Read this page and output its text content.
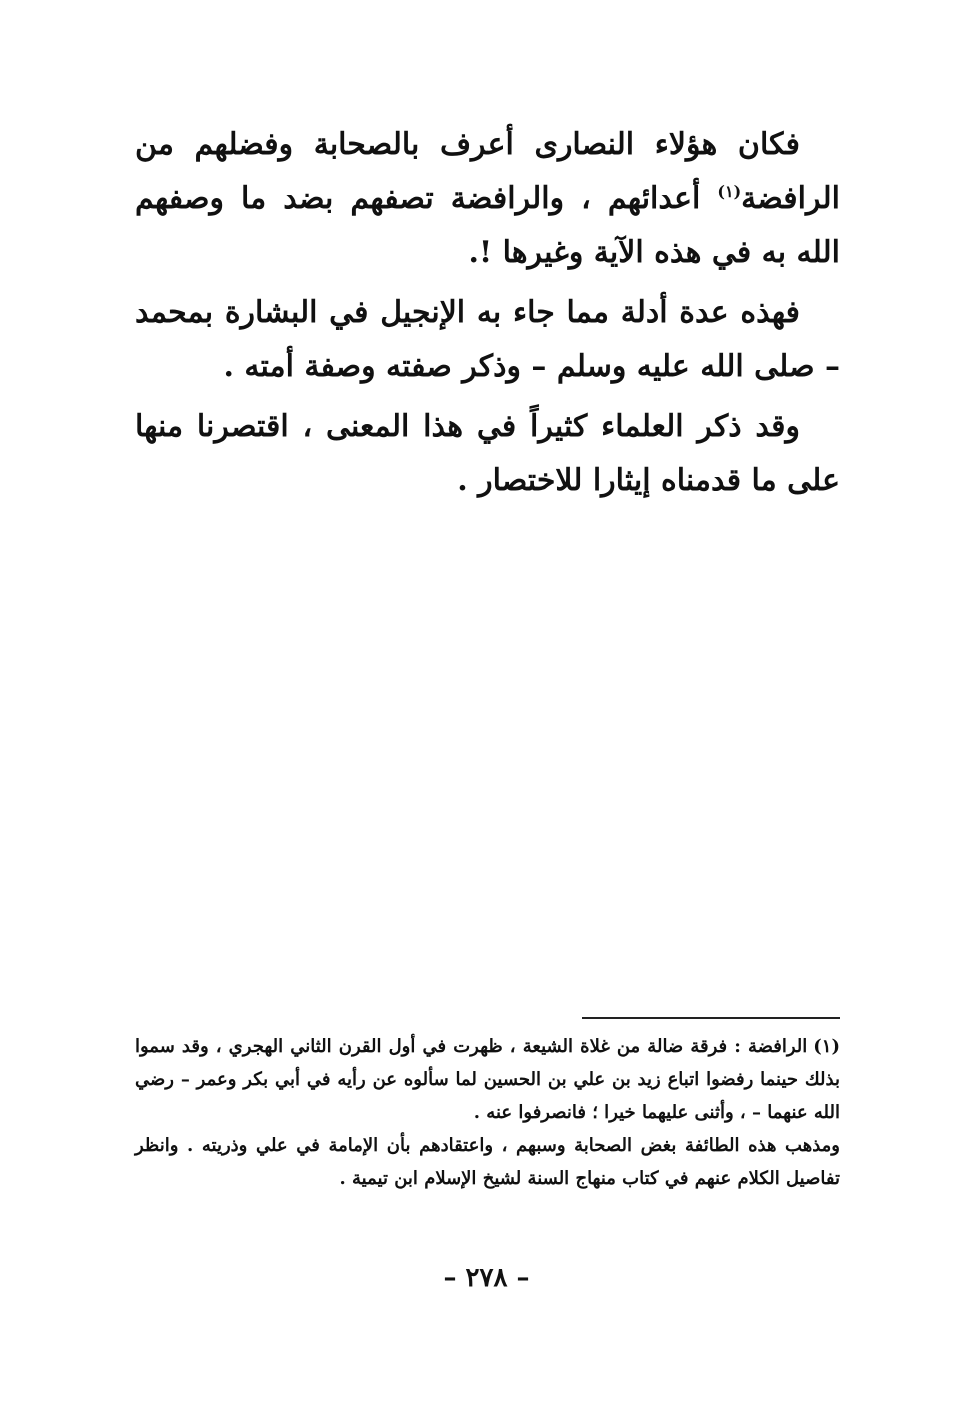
فكان هؤلاء النصارى أعرف بالصحابة وفضلهم من الرافضة$^{(١)}$ أعدائهم ، والرافضة تصفهم بضد ما وصفهم الله به في هذه الآية وغيرها !.

فهذه عدة أدلة مما جاء به الإنجيل في البشارة بمحمد – صلى الله عليه وسلم – وذكر صفته وصفة أمته .

وقد ذكر العلماء كثيراً في هذا المعنى ، اقتصرنا منها على ما قدمناه إيثارا للاختصار .

(١)الرافضة : فرقة ضالة من غلاة الشيعة ، ظهرت في أول القرن الثاني الهجري ، وقد سموا بذلك حينما رفضوا اتباع زيد بن علي بن الحسين لما سألوه عن رأيه في أبي بكر وعمر – رضي الله عنهما – ، وأثنى عليهما خيرا ؛ فانصرفوا عنه .

ومذهب هذه الطائفة بغض الصحابة وسبهم ، واعتقادهم بأن الإمامة في علي وذريته . وانظر تفاصيل الكلام عنهم في كتاب منهاج السنة لشيخ الإسلام ابن تيمية .

– ٢٧٨ –
